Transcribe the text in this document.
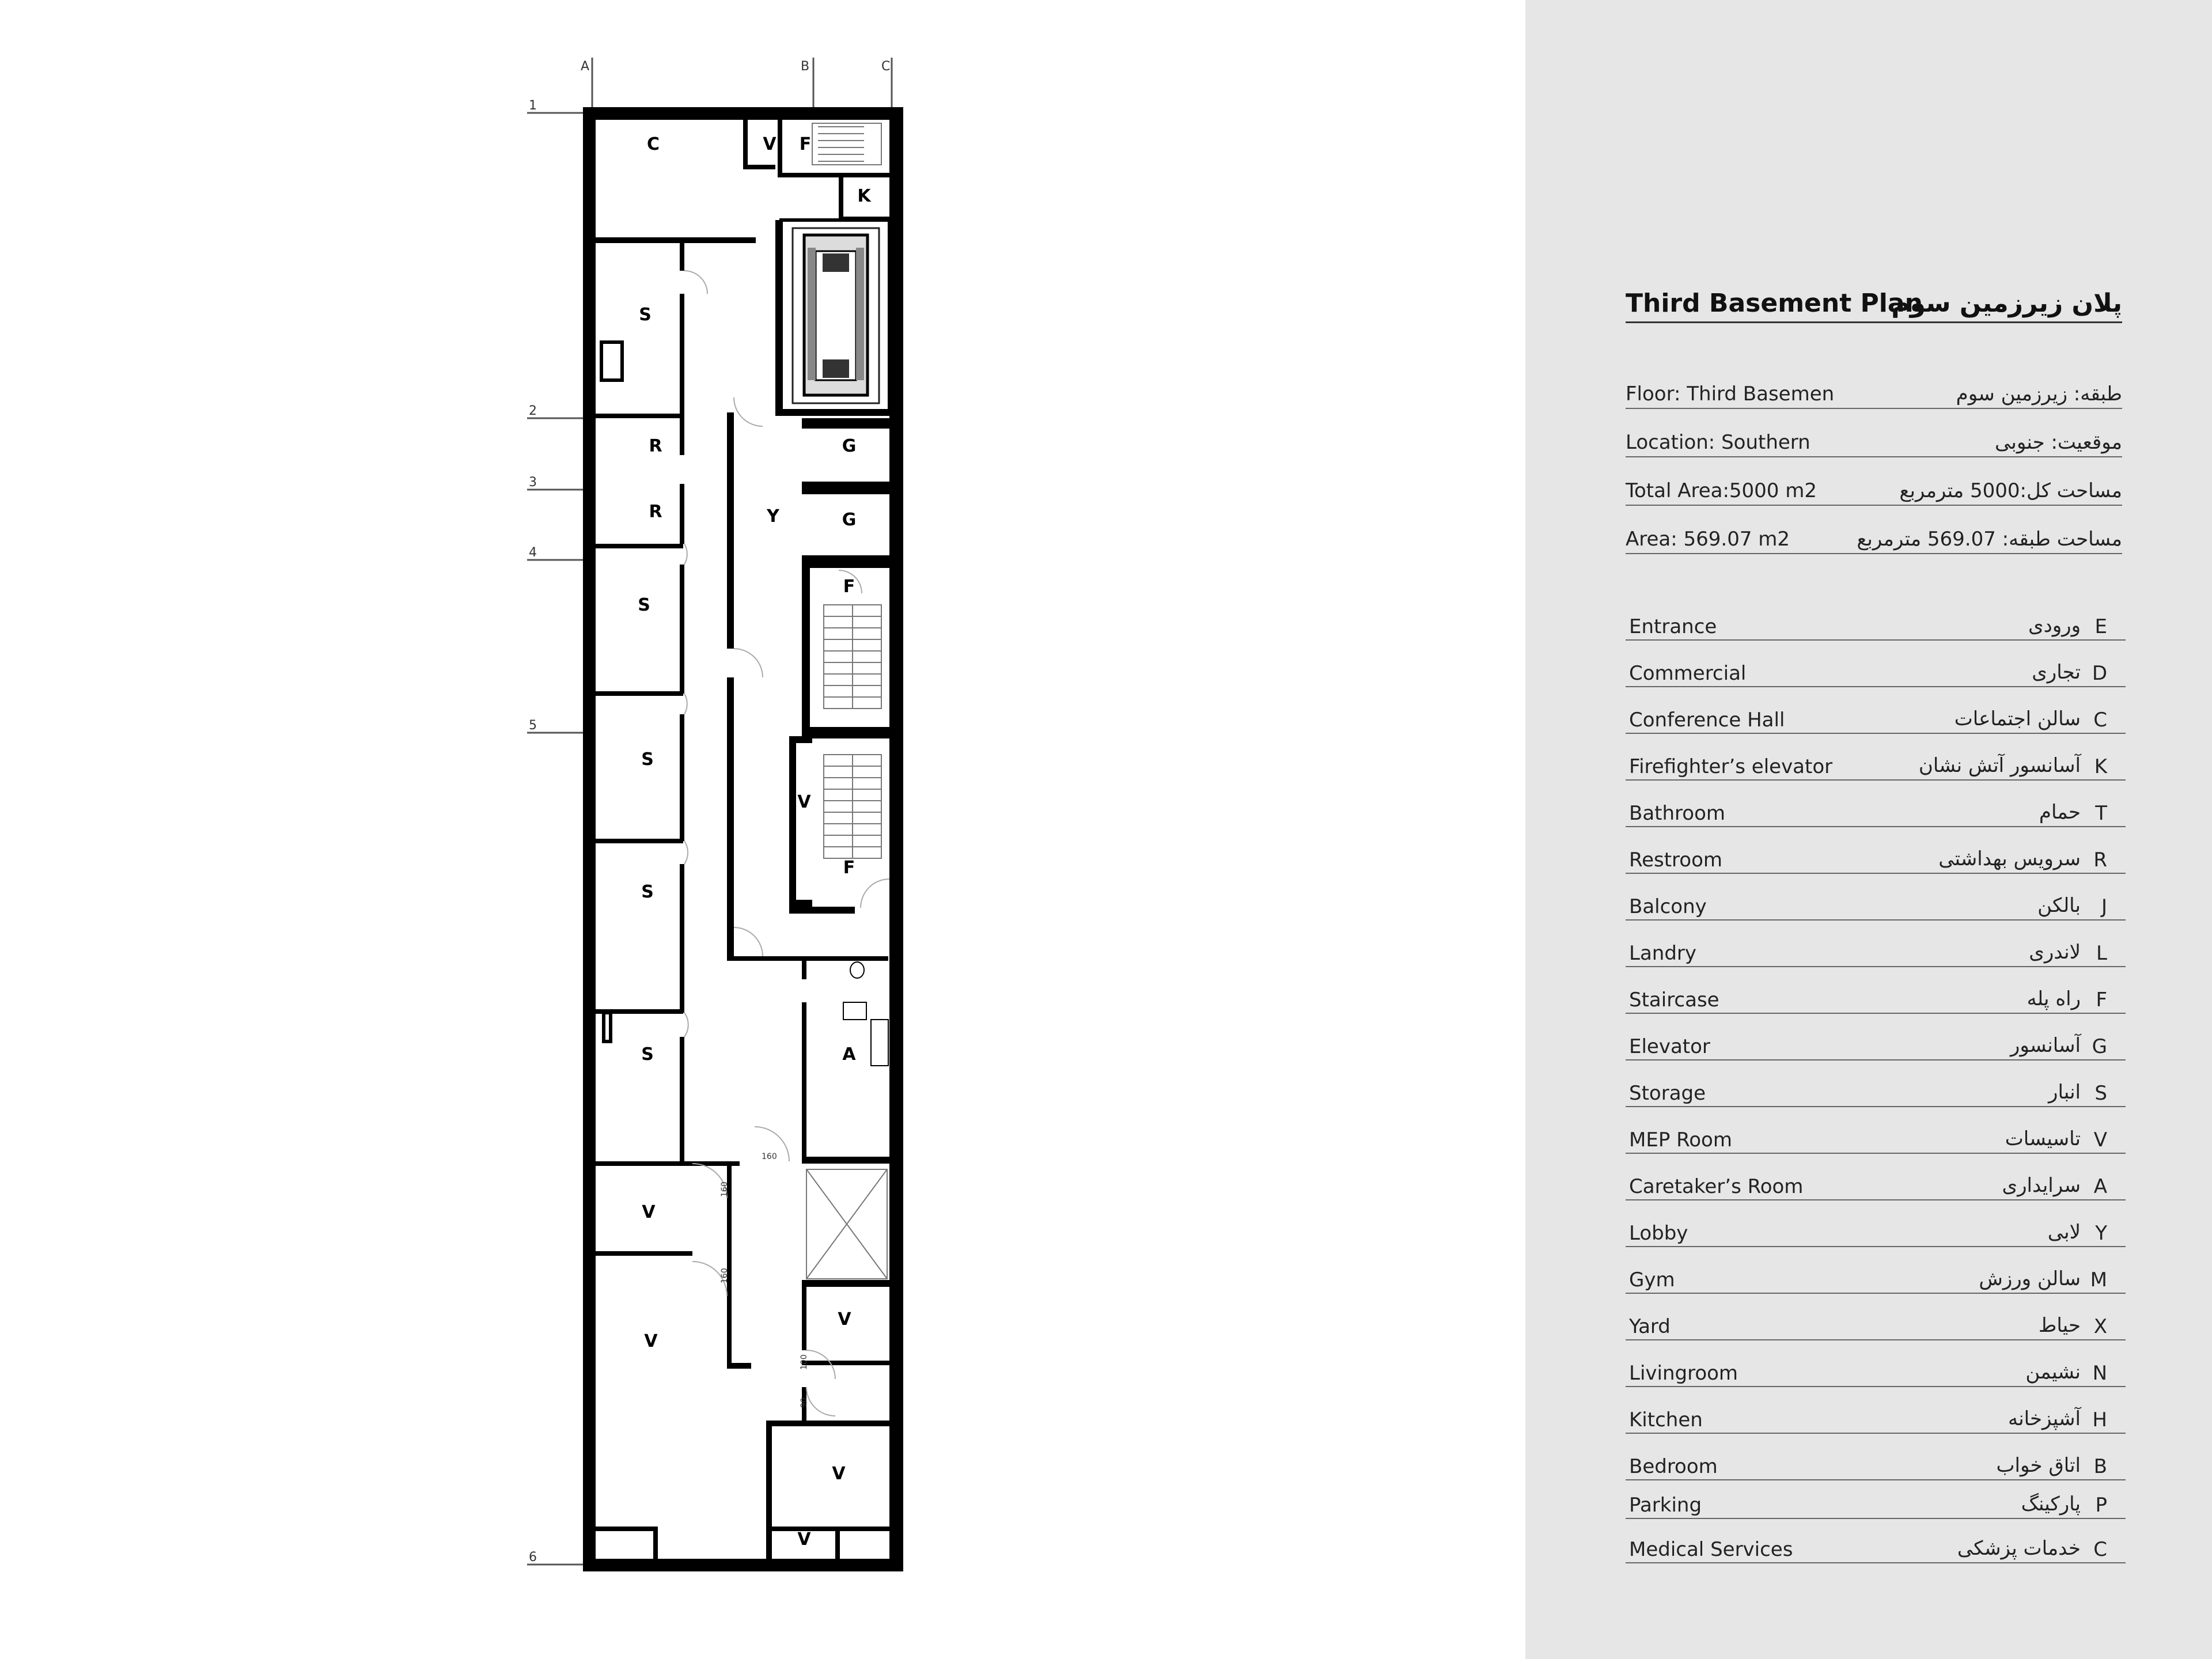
A	B	C
1
2
3
4
5
6
C	V F
K
S
R
R
S
S
S
S
Y
G
G
F
V
F
A
V
V
V
V
V
160
160
160
100
90
Third Basement Plan
پلان زیرزمین سوم
Floor: Third Basemen	طبقه: زیرزمین سوم
Location: Southern	موقعیت: جنوبی
Total Area:5000 m2	مساحت کل:5000 مترمربع
Area: 569.07 m2	مساحت طبقه: 569.07 مترمربع
Entrance	ورودی E
Commercial	تجاری D
Conference Hall	سالن اجتماعات C
Firefighter’s elevator	آسانسور آتش نشان K
Bathroom	حمام T
Restroom	سرویس بهداشتی R
Balcony	بالکن J
Landry	لاندری L
Staircase	راه پله F
Elevator	آسانسور G
Storage	انبار S
MEP Room	تاسیسات V
Caretaker’s Room	سرایداری A
Lobby	لابی Y
Gym	سالن ورزش M
Yard	حیاط X
Livingroom	نشیمن N
Kitchen	آشپزخانه H
Bedroom	اتاق خواب B
Parking	پارکینگ P
Medical Services	خدمات پزشکی C
